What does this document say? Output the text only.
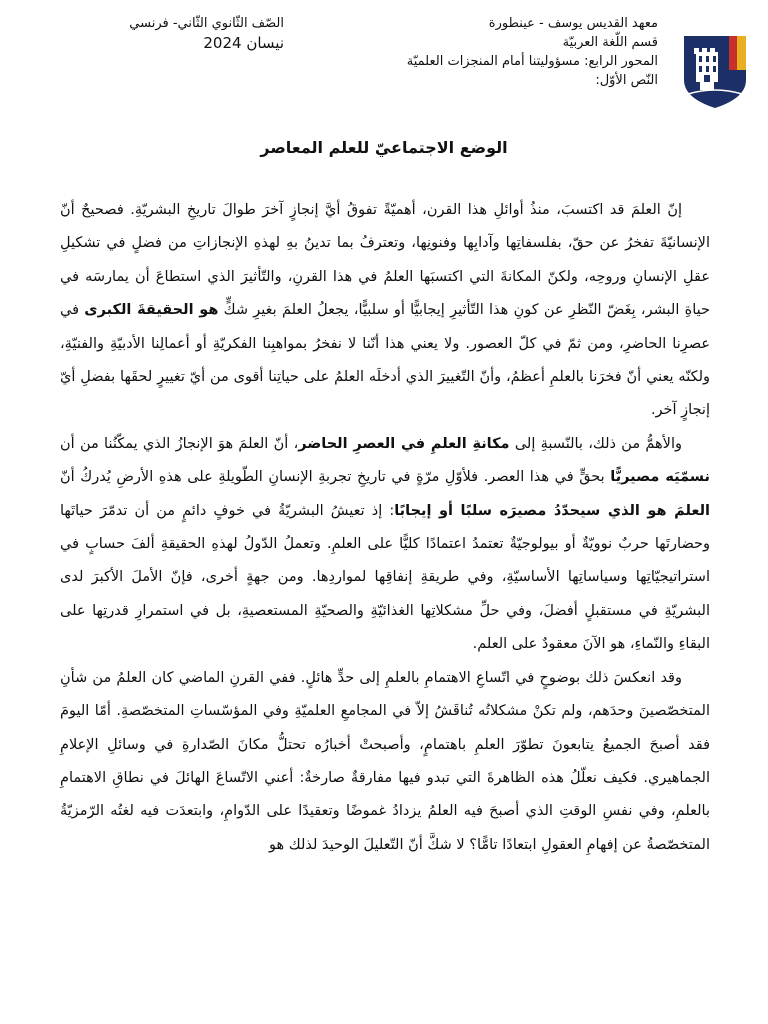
معهد القديس يوسف - عينطورة
قسم اللّغة العربيّة
المحور الرابع: مسؤوليتنا أمام المنجزات العلميّة
النّص الأوّل:
الصّف الثّانوي الثّاني- فرنسي
نيسان 2024
الوضع الاجتماعيّ للعلم المعاصر

إنّ العلمَ قد اكتسبَ، منذُ أوائلِ هذا القرن، أهميّةً تفوقُ أيَّ إنجازٍ آخرَ طوالَ تاريخِ البشريّةِ. فصحيحٌ أنّ الإنسانيّةَ تفخرُ عن حقّ، بفلسفاتِها وآدابِها وفنونِها، وتعترفُ بما تدينُ بهِ لهذهِ الإنجازاتِ من فضلٍ في تشكيلِ عقلِ الإنسانِ وروحِه، ولكنّ المكانةَ التي اكتسبَها العلمُ في هذا القرنِ، والتّأثيرَ الذي استطاعَ أن يمارسَه في حياةِ البشر، بِغَضّ النّظرِ عن كونِ هذا التّأثيرِ إيجابيًّا أو سلبيًّا، يجعلُ العلمَ بغيرِ شكٍّ هو الحقيقةَ الكبرى في عصرِنا الحاضرِ، ومن ثمّ في كلّ العصور. ولا يعني هذا أنّنا لا نفخرُ بمواهبِنا الفكريّةِ أو أعمالِنا الأدبيّةِ والفنيّةِ، ولكنّه يعني أنّ فخرَنا بالعلمِ أعظمُ، وأنّ التّغييرَ الذي أدخلَه العلمُ على حياتِنا أقوى من أيّ تغييرٍ لحقَها بفضلِ أيّ إنجازٍ آخر.

والأهمُّ من ذلك، بالنّسبةِ إلى مكانةِ العلمِ في العصرِ الحاضر، أنّ العلمَ هوَ الإنجازُ الذي يمكّنُنا من أن نسمّيَه مصيريًّا بحقٍّ في هذا العصر. فلأوّلِ مرّةٍ في تاريخِ تجربةِ الإنسانِ الطّويلةِ على هذهِ الأرضِ يُدركُ أنّ العلمَ هو الذي سيحدّدُ مصيرَه سلبًا أو إيجابًا: إذ تعيشُ البشريّةُ في خوفٍ دائمٍ من أن تدمّرَ حياتَها وحضارتَها حربٌ نوويّةٌ أو بيولوجيّةٌ تعتمدُ اعتمادًا كليًّا على العلمِ. وتعملُ الدّولُ لهذهِ الحقيقةِ ألفَ حسابٍ في استراتيجيّاتِها وسياساتِها الأساسيّةِ، وفي طريقةِ إنفاقِها لمواردِها. ومن جهةٍ أخرى، فإنّ الأملَ الأكبرَ لدى البشريّةِ في مستقبلٍ أفضلَ، وفي حلِّ مشكلاتِها الغذائيّةِ والصحيّةِ المستعصيةِ، بل في استمرارِ قدرتِها على البقاءِ والنّماءِ، هو الآنَ معقودٌ على العلم.

وقد انعكسَ ذلك بوضوحٍ في اتّساعِ الاهتمامِ بالعلمِ إلى حدٍّ هائلٍ. ففي القرنِ الماضي كان العلمُ من شأنِ المتخصّصينَ وحدَهم، ولم تكنْ مشكلاتُه تُناقَشُ إلاّ في المجامعِ العلميّةِ وفي المؤسّساتِ المتخصّصةِ. أمّا اليومَ فقد أصبحَ الجميعُ يتابعونَ تطوّرَ العلمِ باهتمامٍ، وأصبحتْ أخبارُه تحتلُّ مكانَ الصّدارةِ في وسائلِ الإعلامِ الجماهيري. فكيف نعلّلُ هذه الظاهرةَ التي تبدو فيها مفارقةٌ صارخةٌ: أعني الاتّساعَ الهائلَ في نطاقِ الاهتمامِ بالعلمِ، وفي نفسِ الوقتِ الذي أصبحَ فيه العلمُ يزدادُ غموضًا وتعقيدًا على الدّوامِ، وابتعدَت فيه لغتُه الرّمزيّةُ المتخصّصةُ عن إفهامِ العقولِ ابتعادًا تامًّا؟ لا شكَّ أنّ التّعليلَ الوحيدَ لذلك هو
